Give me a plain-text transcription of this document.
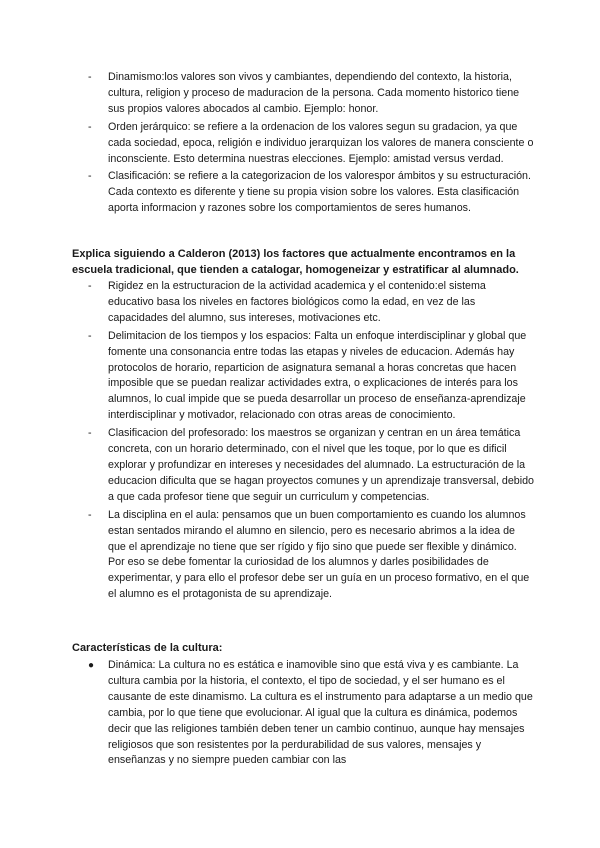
- Dinamismo:los valores son vivos y cambiantes, dependiendo del contexto, la historia, cultura, religion y proceso de maduracion de la persona. Cada momento historico tiene sus propios valores abocados al cambio. Ejemplo: honor.
- Orden jerárquico: se refiere a la ordenacion de los valores segun su gradacion, ya que cada sociedad, epoca, religión e individuo jerarquizan los valores de manera consciente o inconsciente. Esto determina nuestras elecciones. Ejemplo: amistad versus verdad.
- Clasificación: se refiere a la categorizacion de los valorespor ámbitos y su estructuración. Cada contexto es diferente y tiene su propia vision sobre los valores. Esta clasificación aporta informacion y razones sobre los comportamientos de seres humanos.

Explica siguiendo a Calderon (2013) los factores que actualmente encontramos en la escuela tradicional, que tienden a catalogar, homogeneizar y estratificar al alumnado.

- Rigidez en la estructuracion de la actividad academica y el contenido:el sistema educativo basa los niveles en factores biológicos como la edad, en vez de las capacidades del alumno, sus intereses, motivaciones etc.
- Delimitacion de los tiempos y los espacios: Falta un enfoque interdisciplinar y global que fomente una consonancia entre todas las etapas y niveles de educacion. Además hay protocolos de horario, reparticion de asignatura semanal a horas concretas que hacen imposible que se puedan realizar actividades extra, o explicaciones de interés para los alumnos, lo cual impide que se pueda desarrollar un proceso de enseñanza-aprendizaje interdisciplinar y motivador, relacionado con otras areas de conocimiento.
- Clasificacion del profesorado: los maestros se organizan y centran en un área temática concreta, con un horario determinado, con el nivel que les toque, por lo que es dificil explorar y profundizar en intereses y necesidades del alumnado. La estructuración de la educacion dificulta que se hagan proyectos comunes y un aprendizaje transversal, debido a que cada profesor tiene que seguir un curriculum y competencias.
- La disciplina en el aula: pensamos que un buen comportamiento es cuando los alumnos estan sentados mirando el alumno en silencio, pero es necesario abrimos a la idea de que el aprendizaje no tiene que ser rígido y fijo sino que puede ser flexible y dinámico. Por eso se debe fomentar la curiosidad de los alumnos y darles posibilidades de experimentar, y para ello el profesor debe ser un guía en un proceso formativo, en el que el alumno es el protagonista de su aprendizaje.

Características de la cultura:

● Dinámica: La cultura no es estática e inamovible sino que está viva y es cambiante. La cultura cambia por la historia, el contexto, el tipo de sociedad, y el ser humano es el causante de este dinamismo. La cultura es el instrumento para adaptarse a un medio que cambia, por lo que tiene que evolucionar. Al igual que la cultura es dinámica, podemos decir que las religiones también deben tener un cambio continuo, aunque hay mensajes religiosos que son resistentes por la perdurabilidad de sus valores, mensajes y enseñanzas y no siempre pueden cambiar con las
